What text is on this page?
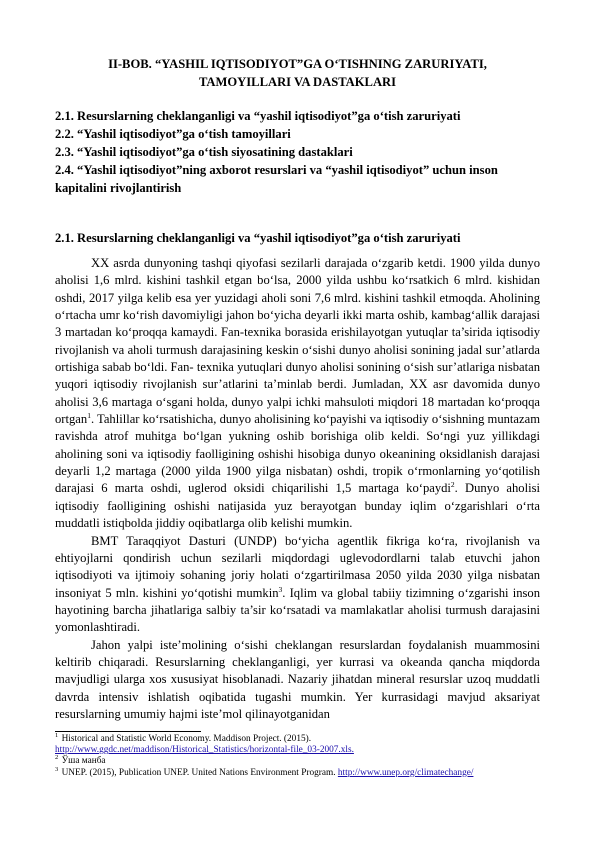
II-BOB. “YASHIL IQTISODIYOT”GA O‘TISHNING ZARURIYATI,
TAMOYILLARI VA DASTAKLARI
2.1. Resurslarning cheklanganligi va “yashil iqtisodiyot”ga o‘tish zaruriyati
2.2. “Yashil iqtisodiyot”ga o‘tish tamoyillari
2.3. “Yashil iqtisodiyot”ga o‘tish siyosatining dastaklari
2.4. “Yashil iqtisodiyot”ning axborot resurslari va “yashil iqtisodiyot” uchun inson kapitalini rivojlantirish
2.1. Resurslarning cheklanganligi va “yashil iqtisodiyot”ga o‘tish zaruriyati

XX asrda dunyoning tashqi qiyofasi sezilarli darajada o‘zgarib ketdi. 1900 yilda dunyo aholisi 1,6 mlrd. kishini tashkil etgan bo‘lsa, 2000 yilda ushbu ko‘rsatkich 6 mlrd. kishidan oshdi, 2017 yilga kelib esa yer yuzidagi aholi soni 7,6 mlrd. kishini tashkil etmoqda. Aholining o‘rtacha umr ko‘rish davomiyligi jahon bo‘yicha deyarli ikki marta oshib, kambag‘allik darajasi 3 martadan ko‘proqqa kamaydi. Fan-texnika borasida erishilayotgan yutuqlar ta’sirida iqtisodiy rivojlanish va aholi turmush darajasining keskin o‘sishi dunyo aholisi sonining jadal sur’atlarda ortishiga sabab bo‘ldi. Fan- texnika yutuqlari dunyo aholisi sonining o‘sish sur’atlariga nisbatan yuqori iqtisodiy rivojlanish sur’atlarini ta’minlab berdi. Jumladan, XX asr davomida dunyo aholisi 3,6 martaga o‘sgani holda, dunyo yalpi ichki mahsuloti miqdori 18 martadan ko‘proqqa ortgan$^1$. Tahlillar ko‘rsatishicha, dunyo aholisining ko‘payishi va iqtisodiy o‘sishning muntazam ravishda atrof muhitga bo‘lgan yukning oshib borishiga olib keldi. So‘ngi yuz yillikdagi aholining soni va iqtisodiy faolligining oshishi hisobiga dunyo okeanining oksidlanish darajasi deyarli 1,2 martaga (2000 yilda 1900 yilga nisbatan) oshdi, tropik o‘rmonlarning yo‘qotilish darajasi 6 marta oshdi, uglerod oksidi chiqarilishi 1,5 martaga ko‘paydi$^2$. Dunyo aholisi iqtisodiy faolligining oshishi natijasida yuz berayotgan bunday iqlim o‘zgarishlari o‘rta muddatli istiqbolda jiddiy oqibatlarga olib kelishi mumkin.

BMT Taraqqiyot Dasturi (UNDP) bo‘yicha agentlik fikriga ko‘ra, rivojlanish va ehtiyojlarni qondirish uchun sezilarli miqdordagi uglevodordlarni talab etuvchi jahon iqtisodiyoti va ijtimoiy sohaning joriy holati o‘zgartirilmasa 2050 yilda 2030 yilga nisbatan insoniyat 5 mln. kishini yo‘qotishi mumkin$^3$. Iqlim va global tabiiy tizimning o‘zgarishi inson hayotining barcha jihatlariga salbiy ta’sir ko‘rsatadi va mamlakatlar aholisi turmush darajasini yomonlashtiradi.

Jahon yalpi iste’molining o‘sishi cheklangan resurslardan foydalanish muammosini keltirib chiqaradi. Resurslarning cheklanganligi, yer kurrasi va okeanda qancha miqdorda mavjudligi ularga xos xususiyat hisoblanadi. Nazariy jihatdan mineral resurslar uzoq muddatli davrda intensiv ishlatish oqibatida tugashi mumkin. Yer kurrasidagi mavjud aksariyat resurslarning umumiy hajmi iste’mol qilinayotganidan

$^1$ Historical and Statistic World Economy. Maddison Project. (2015).
http://www.ggdc.net/maddison/Historical_Statistics/horizontal-file_03-2007.xls.
$^2$ Ўша манба
$^3$ UNEP. (2015), Publication UNEP. United Nations Environment Program. http://www.unep.org/climatechange/
